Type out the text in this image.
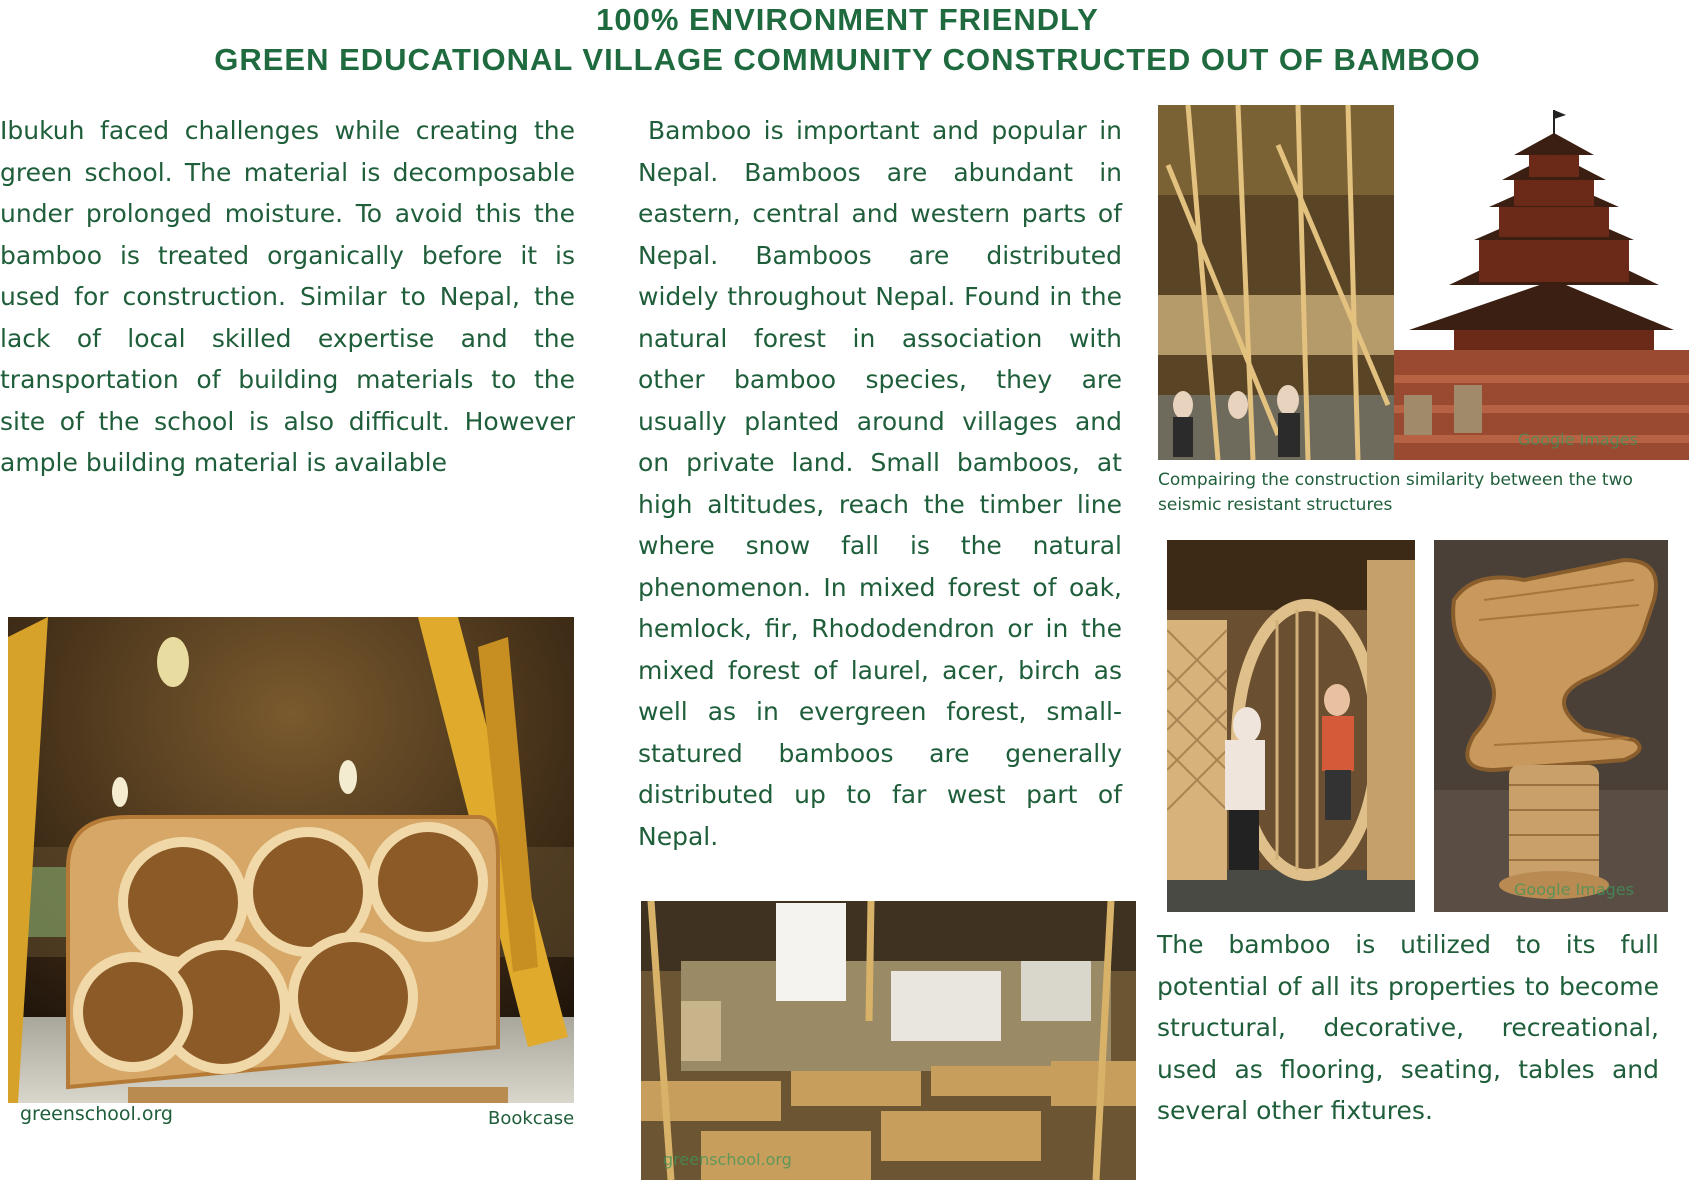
100% ENVIRONMENT FRIENDLY
GREEN EDUCATIONAL VILLAGE COMMUNITY CONSTRUCTED OUT OF BAMBOO

Ibukuh faced challenges while creating the green school. The material is decomposable under prolonged moisture. To avoid this the bamboo is treated organically before it is used for construction. Similar to Nepal, the lack of local skilled expertise and the transportation of building materials to the site of the school is also difficult. However ample building material is available

Bamboo is important and popular in Nepal. Bamboos are abundant in eastern, central and western parts of Nepal. Bamboos are distributed widely throughout Nepal. Found in the natural forest in association with other bamboo species, they are usually planted around villages and on private land. Small bamboos, at high altitudes, reach the timber line where snow fall is the natural phenomenon. In mixed forest of oak, hemlock, fir, Rhododendron or in the mixed forest of laurel, acer, birch as well as in evergreen forest, small-statured bamboos are generally distributed up to far west part of Nepal.

The bamboo is utilized to its full potential of all its properties to become structural, decorative, recreational, used as flooring, seating, tables and several other fixtures.

greenschool.org	Bookcase

greenschool.org

Google Images

Compairing the construction similarity between the two seismic resistant structures

Google Images
